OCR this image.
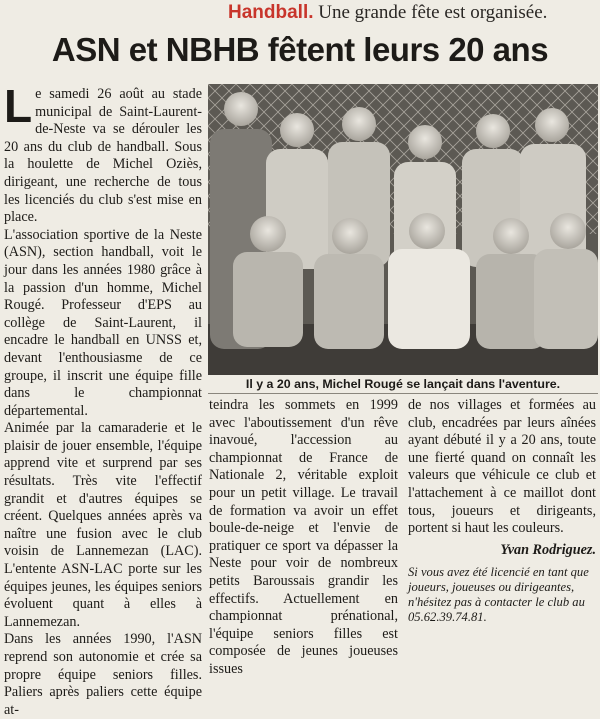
Handball. Une grande fête est organisée.
ASN et NBHB fêtent leurs 20 ans

Le samedi 26 août au stade municipal de Saint-Laurent-de-Neste va se dérouler les 20 ans du club de handball. Sous la houlette de Michel Oziès, dirigeant, une recherche de tous les licenciés du club s'est mise en place.

L'association sportive de la Neste (ASN), section handball, voit le jour dans les années 1980 grâce à la passion d'un homme, Michel Rougé. Professeur d'EPS au collège de Saint-Laurent, il encadre le handball en UNSS et, devant l'enthousiasme de ce groupe, il inscrit une équipe fille dans le championnat départemental.

Animée par la camaraderie et le plaisir de jouer ensemble, l'équipe apprend vite et surprend par ses résultats. Très vite l'effectif grandit et d'autres équipes se créent. Quelques années après va naître une fusion avec le club voisin de Lannemezan (LAC). L'entente ASN-LAC porte sur les équipes jeunes, les équipes seniors évoluent quant à elles à Lannemezan.

Dans les années 1990, l'ASN reprend son autonomie et crée sa propre équipe seniors filles. Paliers après paliers cette équipe at-

Il y a 20 ans, Michel Rougé se lançait dans l'aventure.

teindra les sommets en 1999 avec l'aboutissement d'un rêve inavoué, l'accession au championnat de France de Nationale 2, véritable exploit pour un petit village. Le travail de formation va avoir un effet boule-de-neige et l'envie de pratiquer ce sport va dépasser la Neste pour voir de nombreux petits Baroussais grandir les effectifs. Actuellement en championnat prénational, l'équipe seniors filles est composée de jeunes joueuses issues

de nos villages et formées au club, encadrées par leurs aînées ayant débuté il y a 20 ans, toute une fierté quand on connaît les valeurs que véhicule ce club et l'attachement à ce maillot dont tous, joueurs et dirigeants, portent si haut les couleurs.

Yvan Rodriguez.

Si vous avez été licencié en tant que joueurs, joueuses ou dirigeantes, n'hésitez pas à contacter le club au 05.62.39.74.81.
